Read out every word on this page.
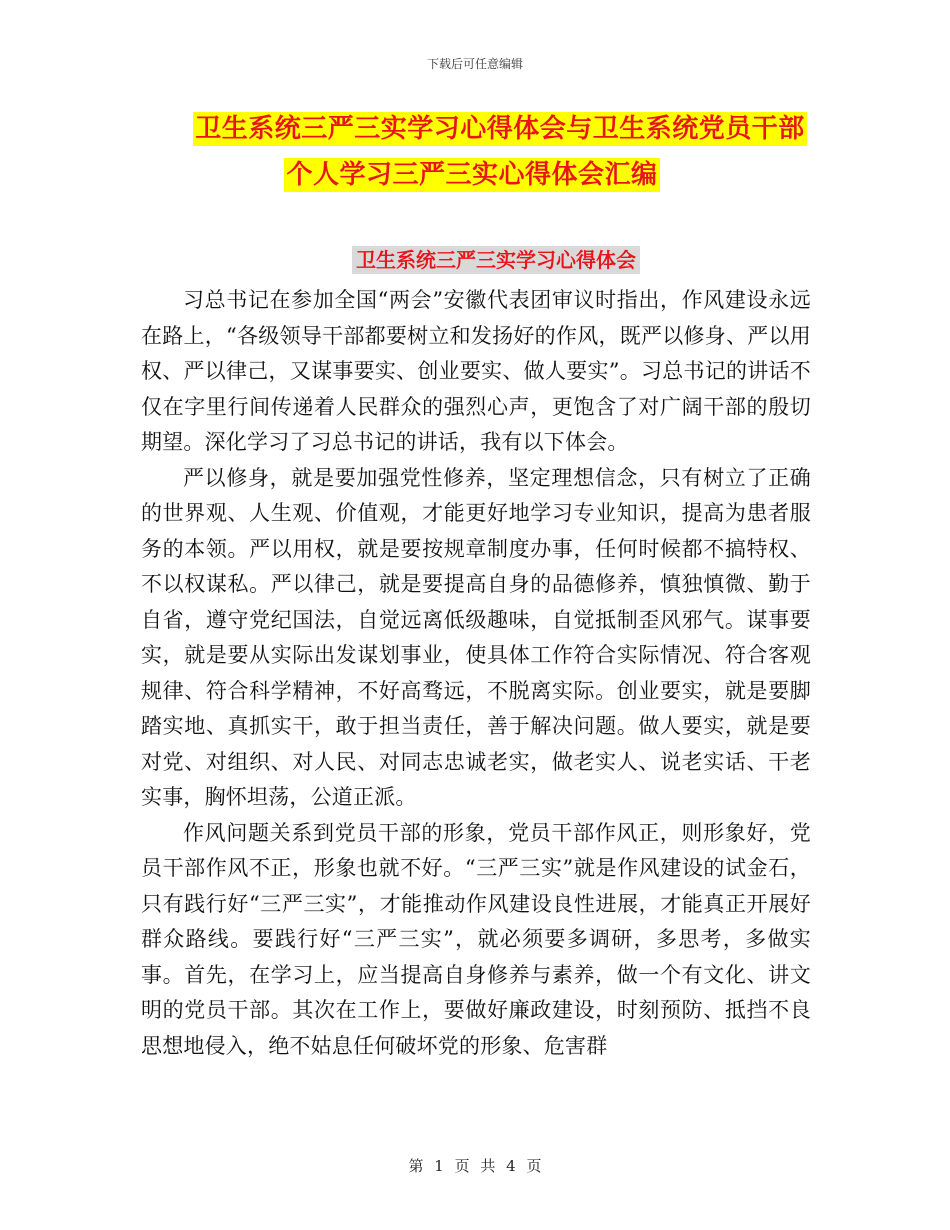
下载后可任意编辑
卫生系统三严三实学习心得体会与卫生系统党员干部
个人学习三严三实心得体会汇编
卫生系统三严三实学习心得体会

习总书记在参加全国“两会”安徽代表团审议时指出，作风建设永远在路上，“各级领导干部都要树立和发扬好的作风，既严以修身、严以用权、严以律己，又谋事要实、创业要实、做人要实”。习总书记的讲话不仅在字里行间传递着人民群众的强烈心声，更饱含了对广阔干部的殷切期望。深化学习了习总书记的讲话，我有以下体会。

严以修身，就是要加强党性修养，坚定理想信念，只有树立了正确的世界观、人生观、价值观，才能更好地学习专业知识，提高为患者服务的本领。严以用权，就是要按规章制度办事，任何时候都不搞特权、不以权谋私。严以律己，就是要提高自身的品德修养，慎独慎微、勤于自省，遵守党纪国法，自觉远离低级趣味，自觉抵制歪风邪气。谋事要实，就是要从实际出发谋划事业，使具体工作符合实际情况、符合客观规律、符合科学精神，不好高骛远，不脱离实际。创业要实，就是要脚踏实地、真抓实干，敢于担当责任，善于解决问题。做人要实，就是要对党、对组织、对人民、对同志忠诚老实，做老实人、说老实话、干老实事，胸怀坦荡，公道正派。

作风问题关系到党员干部的形象，党员干部作风正，则形象好，党员干部作风不正，形象也就不好。“三严三实”就是作风建设的试金石，只有践行好“三严三实”，才能推动作风建设良性进展，才能真正开展好群众路线。要践行好“三严三实”，就必须要多调研，多思考，多做实事。首先，在学习上，应当提高自身修养与素养，做一个有文化、讲文明的党员干部。其次在工作上，要做好廉政建设，时刻预防、抵挡不良思想地侵入，绝不姑息任何破坏党的形象、危害群

第 1 页 共 4 页
